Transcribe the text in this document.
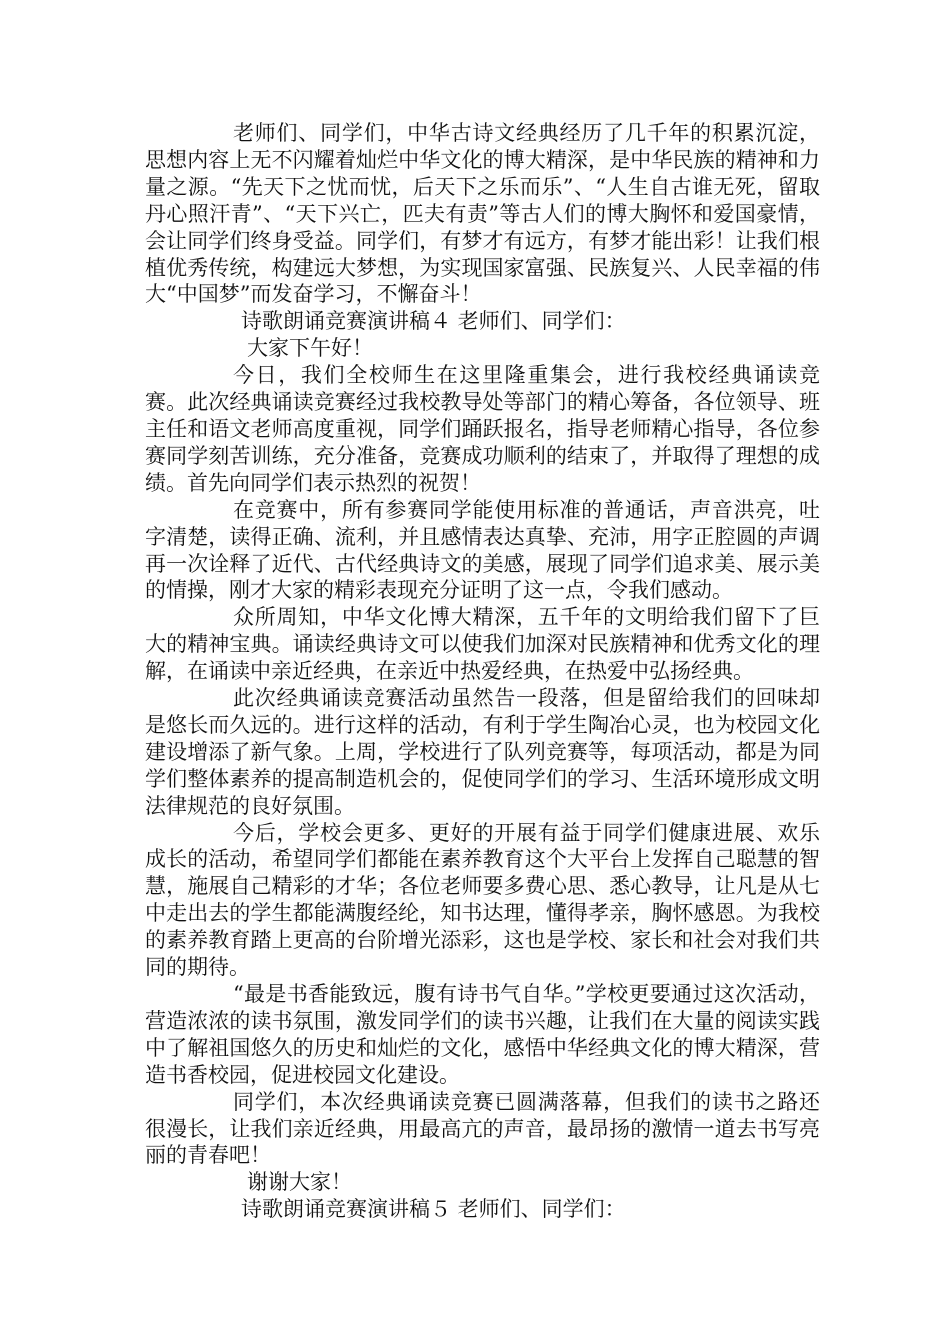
老师们、同学们，中华古诗文经典经历了几千年的积累沉淀，思想内容上无不闪耀着灿烂中华文化的博大精深，是中华民族的精神和力量之源。“先天下之忧而忧，后天下之乐而乐”、“人生自古谁无死，留取丹心照汗青”、“天下兴亡，匹夫有责”等古人们的博大胸怀和爱国豪情，会让同学们终身受益。同学们，有梦才有远方，有梦才能出彩！让我们根植优秀传统，构建远大梦想，为实现国家富强、民族复兴、人民幸福的伟大“中国梦”而发奋学习，不懈奋斗！

诗歌朗诵竞赛演讲稿４ 老师们、同学们：

大家下午好！

今日，我们全校师生在这里隆重集会，进行我校经典诵读竞赛。此次经典诵读竞赛经过我校教导处等部门的精心筹备，各位领导、班主任和语文老师高度重视，同学们踊跃报名，指导老师精心指导，各位参赛同学刻苦训练，充分准备，竞赛成功顺利的结束了，并取得了理想的成绩。首先向同学们表示热烈的祝贺！

在竞赛中，所有参赛同学能使用标准的普通话，声音洪亮，吐字清楚，读得正确、流利，并且感情表达真挚、充沛，用字正腔圆的声调再一次诠释了近代、古代经典诗文的美感，展现了同学们追求美、展示美的情操，刚才大家的精彩表现充分证明了这一点，令我们感动。

众所周知，中华文化博大精深，五千年的文明给我们留下了巨大的精神宝典。诵读经典诗文可以使我们加深对民族精神和优秀文化的理解，在诵读中亲近经典，在亲近中热爱经典，在热爱中弘扬经典。

此次经典诵读竞赛活动虽然告一段落，但是留给我们的回味却是悠长而久远的。进行这样的活动，有利于学生陶冶心灵，也为校园文化建设增添了新气象。上周，学校进行了队列竞赛等，每项活动，都是为同学们整体素养的提高制造机会的，促使同学们的学习、生活环境形成文明法律规范的良好氛围。

今后，学校会更多、更好的开展有益于同学们健康进展、欢乐成长的活动，希望同学们都能在素养教育这个大平台上发挥自己聪慧的智慧，施展自己精彩的才华；各位老师要多费心思、悉心教导，让凡是从七中走出去的学生都能满腹经纶，知书达理，懂得孝亲，胸怀感恩。为我校的素养教育踏上更高的台阶增光添彩，这也是学校、家长和社会对我们共同的期待。

“最是书香能致远，腹有诗书气自华。”学校更要通过这次活动，营造浓浓的读书氛围，激发同学们的读书兴趣，让我们在大量的阅读实践中了解祖国悠久的历史和灿烂的文化，感悟中华经典文化的博大精深，营造书香校园，促进校园文化建设。

同学们，本次经典诵读竞赛已圆满落幕，但我们的读书之路还很漫长，让我们亲近经典，用最高亢的声音，最昂扬的激情一道去书写亮丽的青春吧！

谢谢大家！

诗歌朗诵竞赛演讲稿５ 老师们、同学们：
